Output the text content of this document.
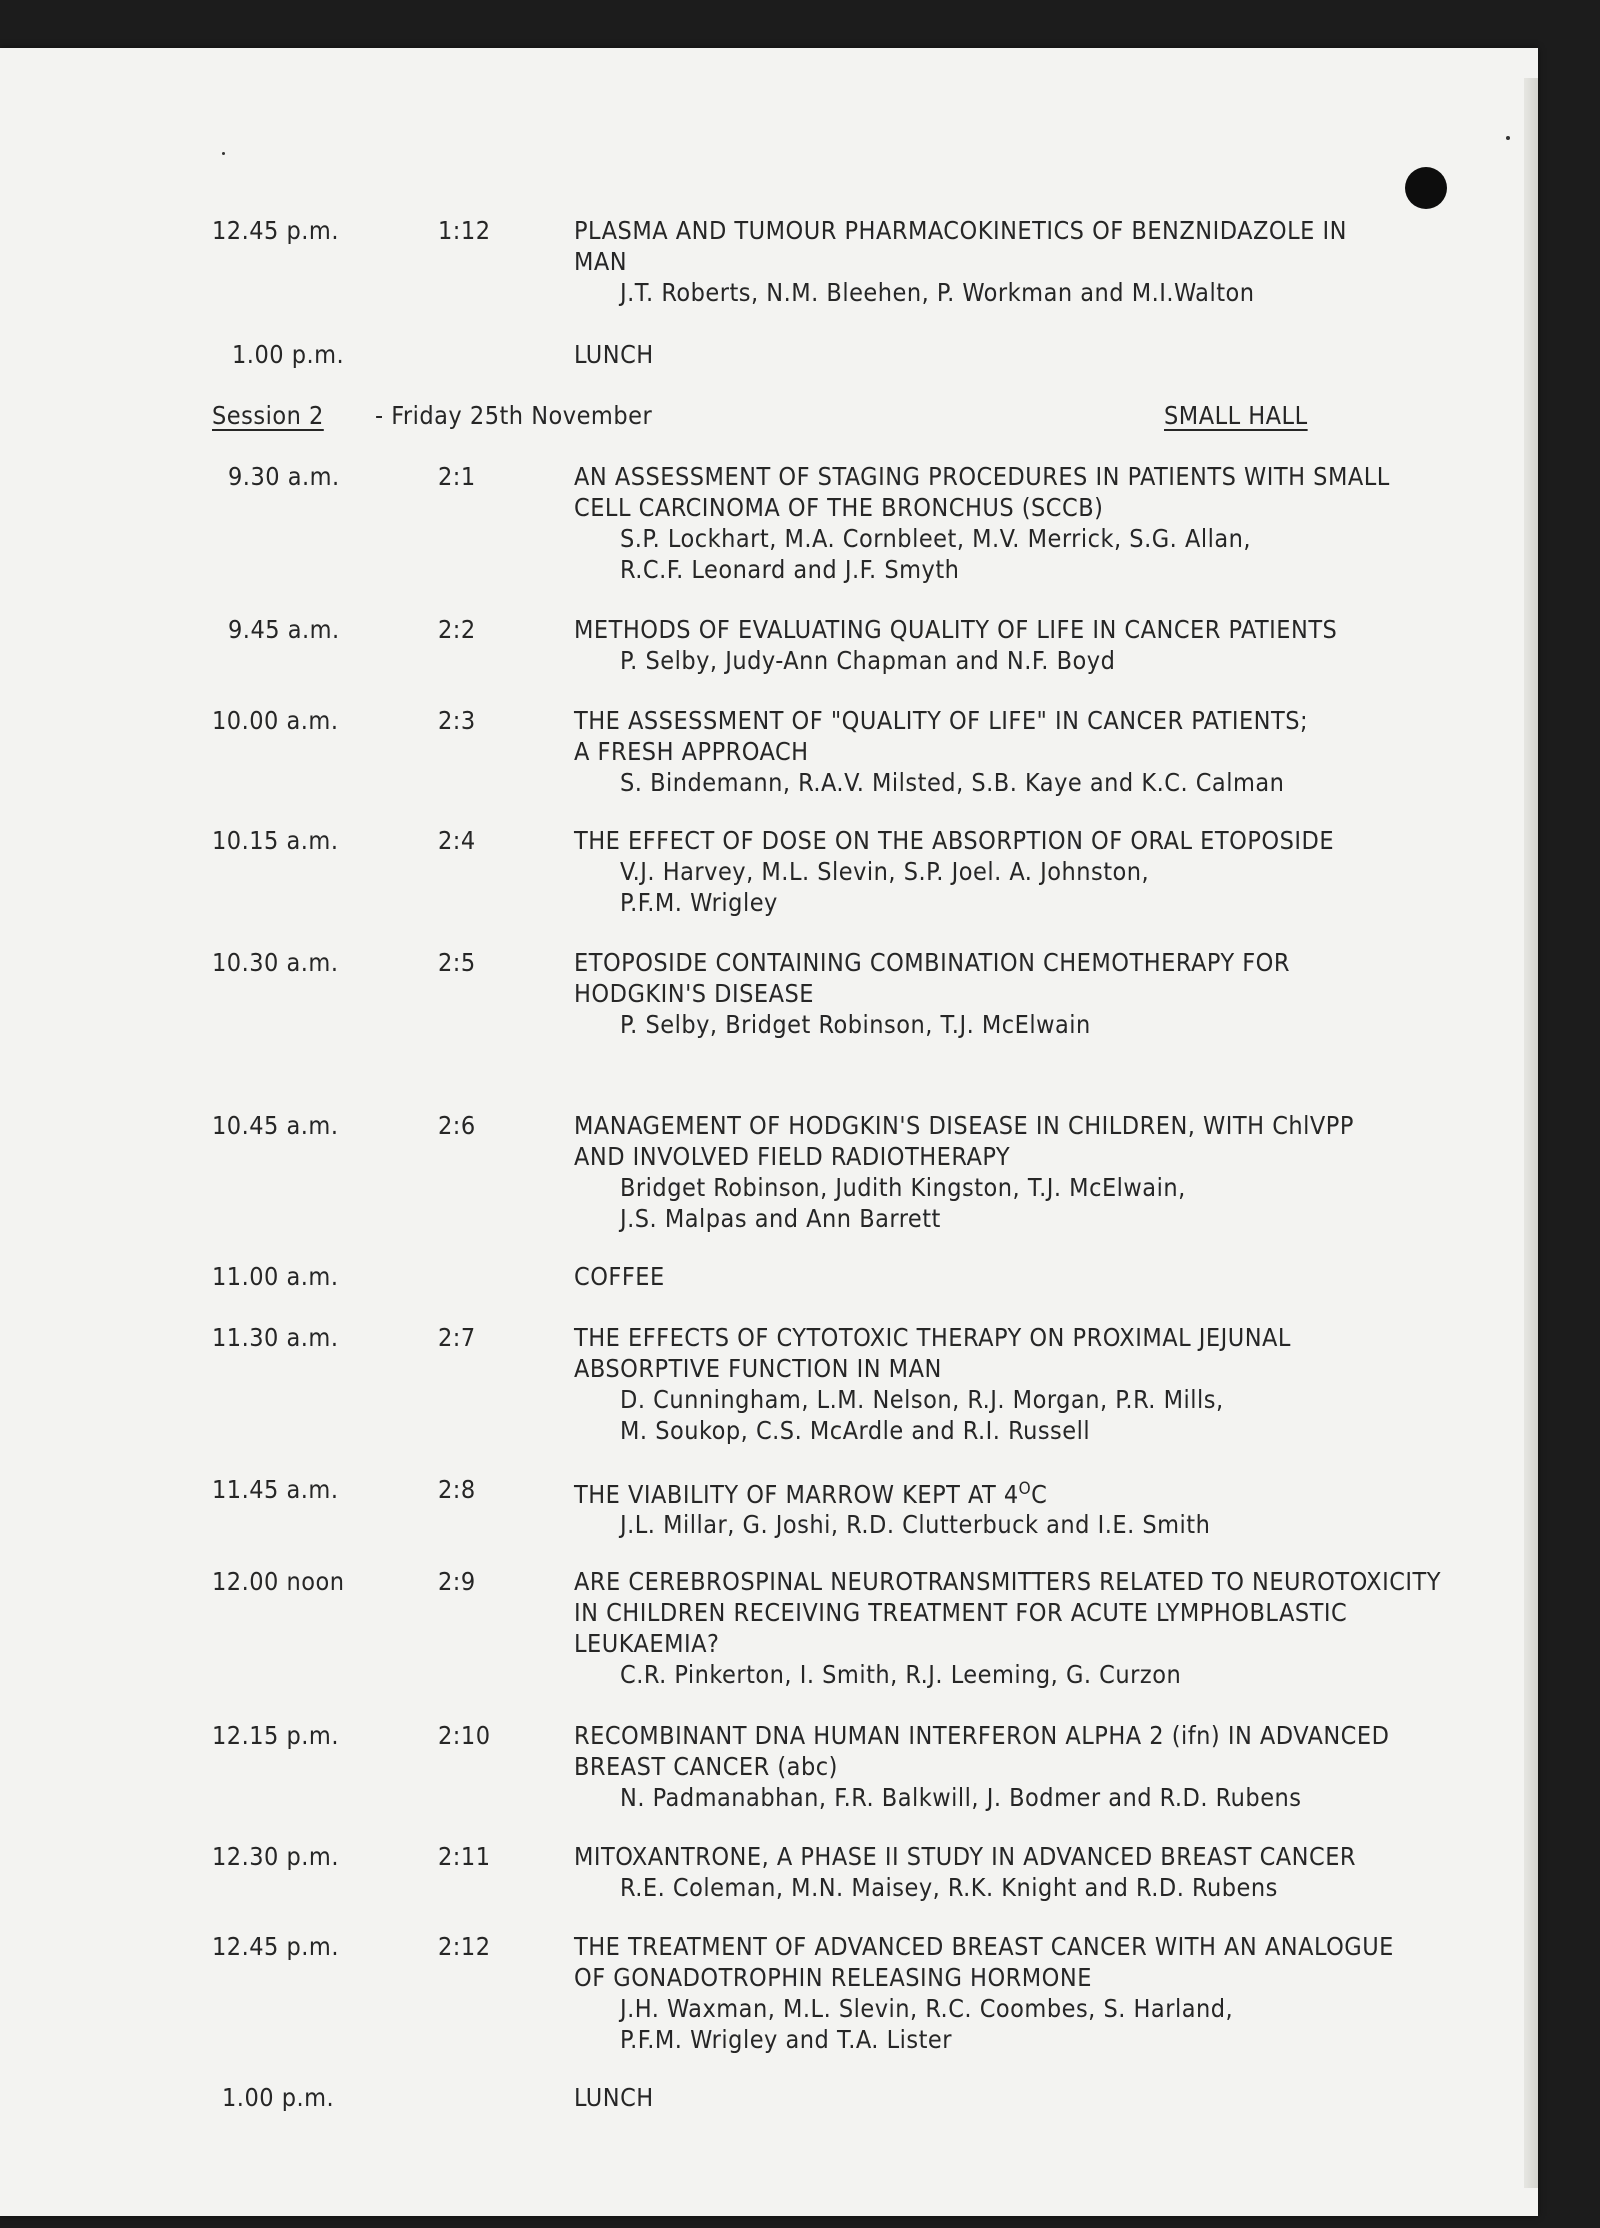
12.45 p.m.	1:12	PLASMA AND TUMOUR PHARMACOKINETICS OF BENZNIDAZOLE IN
MAN
J.T. Roberts, N.M. Bleehen, P. Workman and M.I.Walton
1.00 p.m.	LUNCH
Session 2 - Friday 25th November	SMALL HALL
9.30 a.m.	2:1	AN ASSESSMENT OF STAGING PROCEDURES IN PATIENTS WITH SMALL
CELL CARCINOMA OF THE BRONCHUS (SCCB)
S.P. Lockhart, M.A. Cornbleet, M.V. Merrick, S.G. Allan,
R.C.F. Leonard and J.F. Smyth
9.45 a.m.	2:2	METHODS OF EVALUATING QUALITY OF LIFE IN CANCER PATIENTS
P. Selby, Judy-Ann Chapman and N.F. Boyd
10.00 a.m.	2:3	THE ASSESSMENT OF "QUALITY OF LIFE" IN CANCER PATIENTS;
A FRESH APPROACH
S. Bindemann, R.A.V. Milsted, S.B. Kaye and K.C. Calman
10.15 a.m.	2:4	THE EFFECT OF DOSE ON THE ABSORPTION OF ORAL ETOPOSIDE
V.J. Harvey, M.L. Slevin, S.P. Joel. A. Johnston,
P.F.M. Wrigley
10.30 a.m.	2:5	ETOPOSIDE CONTAINING COMBINATION CHEMOTHERAPY FOR
HODGKIN'S DISEASE
P. Selby, Bridget Robinson, T.J. McElwain
10.45 a.m.	2:6	MANAGEMENT OF HODGKIN'S DISEASE IN CHILDREN, WITH ChlVPP
AND INVOLVED FIELD RADIOTHERAPY
Bridget Robinson, Judith Kingston, T.J. McElwain,
J.S. Malpas and Ann Barrett
11.00 a.m.	COFFEE
11.30 a.m.	2:7	THE EFFECTS OF CYTOTOXIC THERAPY ON PROXIMAL JEJUNAL
ABSORPTIVE FUNCTION IN MAN
D. Cunningham, L.M. Nelson, R.J. Morgan, P.R. Mills,
M. Soukop, C.S. McArdle and R.I. Russell
11.45 a.m.	2:8	THE VIABILITY OF MARROW KEPT AT $4^OC$
J.L. Millar, G. Joshi, R.D. Clutterbuck and I.E. Smith
12.00 noon	2:9	ARE CEREBROSPINAL NEUROTRANSMITTERS RELATED TO NEUROTOXICITY
IN CHILDREN RECEIVING TREATMENT FOR ACUTE LYMPHOBLASTIC
LEUKAEMIA?
C.R. Pinkerton, I. Smith, R.J. Leeming, G. Curzon
12.15 p.m.	2:10	RECOMBINANT DNA HUMAN INTERFERON ALPHA 2 (ifn) IN ADVANCED
BREAST CANCER (abc)
N. Padmanabhan, F.R. Balkwill, J. Bodmer and R.D. Rubens
12.30 p.m.	2:11	MITOXANTRONE, A PHASE II STUDY IN ADVANCED BREAST CANCER
R.E. Coleman, M.N. Maisey, R.K. Knight and R.D. Rubens
12.45 p.m.	2:12	THE TREATMENT OF ADVANCED BREAST CANCER WITH AN ANALOGUE
OF GONADOTROPHIN RELEASING HORMONE
J.H. Waxman, M.L. Slevin, R.C. Coombes, S. Harland,
P.F.M. Wrigley and T.A. Lister
1.00 p.m.	LUNCH
